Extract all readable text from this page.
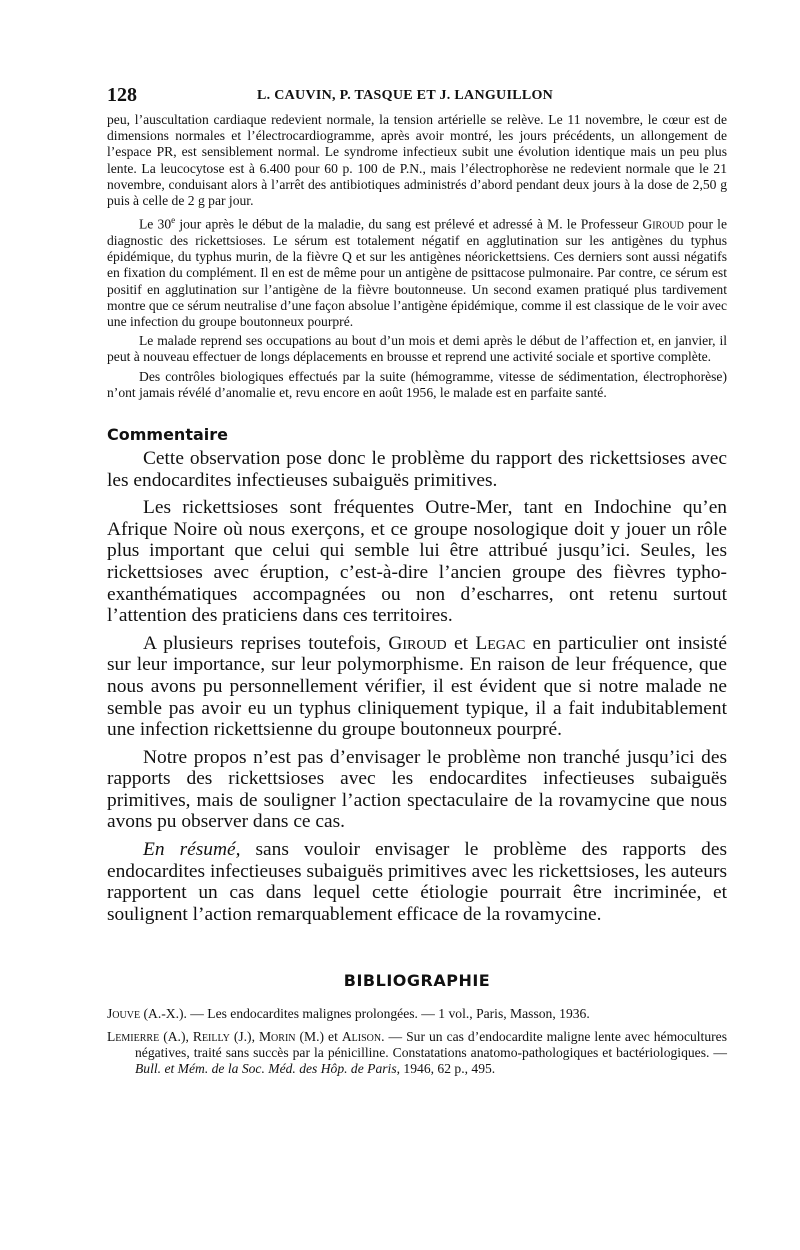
128	L. CAUVIN, P. TASQUE ET J. LANGUILLON

peu, l’auscultation cardiaque redevient normale, la tension artérielle se relève. Le 11 novembre, le cœur est de dimensions normales et l’électrocardiogramme, après avoir montré, les jours précédents, un allongement de l’espace PR, est sensiblement normal. Le syndrome infectieux subit une évolution identique mais un peu plus lente. La leucocytose est à 6.400 pour 60 p. 100 de P.N., mais l’électrophorèse ne redevient normale que le 21 novembre, conduisant alors à l’arrêt des antibiotiques administrés d’abord pendant deux jours à la dose de 2,50 g puis à celle de 2 g par jour.

Le 30e jour après le début de la maladie, du sang est prélevé et adressé à M. le Professeur Giroud pour le diagnostic des rickettsioses. Le sérum est totalement négatif en agglutination sur les antigènes du typhus épidémique, du typhus murin, de la fièvre Q et sur les antigènes néorickettsiens. Ces derniers sont aussi négatifs en fixation du complément. Il en est de même pour un antigène de psittacose pulmonaire. Par contre, ce sérum est positif en agglutination sur l’antigène de la fièvre boutonneuse. Un second examen pratiqué plus tardivement montre que ce sérum neutralise d’une façon absolue l’antigène épidémique, comme il est classique de le voir avec une infection du groupe boutonneux pourpré.

Le malade reprend ses occupations au bout d’un mois et demi après le début de l’affection et, en janvier, il peut à nouveau effectuer de longs déplacements en brousse et reprend une activité sociale et sportive complète.

Des contrôles biologiques effectués par la suite (hémogramme, vitesse de sédimentation, électrophorèse) n’ont jamais révélé d’anomalie et, revu encore en août 1956, le malade est en parfaite santé.

Commentaire

Cette observation pose donc le problème du rapport des rickettsioses avec les endocardites infectieuses subaiguës primitives.

Les rickettsioses sont fréquentes Outre-Mer, tant en Indochine qu’en Afrique Noire où nous exerçons, et ce groupe nosologique doit y jouer un rôle plus important que celui qui semble lui être attribué jusqu’ici. Seules, les rickettsioses avec éruption, c’est-à-dire l’ancien groupe des fièvres typho-exanthématiques accompagnées ou non d’escharres, ont retenu surtout l’attention des praticiens dans ces territoires.

A plusieurs reprises toutefois, Giroud et Legac en particulier ont insisté sur leur importance, sur leur polymorphisme. En raison de leur fréquence, que nous avons pu personnellement vérifier, il est évident que si notre malade ne semble pas avoir eu un typhus cliniquement typique, il a fait indubitablement une infection rickettsienne du groupe boutonneux pourpré.

Notre propos n’est pas d’envisager le problème non tranché jusqu’ici des rapports des rickettsioses avec les endocardites infectieuses subaiguës primitives, mais de souligner l’action spectaculaire de la rovamycine que nous avons pu observer dans ce cas.

En résumé, sans vouloir envisager le problème des rapports des endocardites infectieuses subaiguës primitives avec les rickettsioses, les auteurs rapportent un cas dans lequel cette étiologie pourrait être incriminée, et soulignent l’action remarquablement efficace de la rovamycine.

BIBLIOGRAPHIE

Jouve (A.-X.). — Les endocardites malignes prolongées. — 1 vol., Paris, Masson, 1936.

Lemierre (A.), Reilly (J.), Morin (M.) et Alison. — Sur un cas d’endocardite maligne lente avec hémocultures négatives, traité sans succès par la pénicilline. Constatations anatomo-pathologiques et bactériologiques. — Bull. et Mém. de la Soc. Méd. des Hôp. de Paris, 1946, 62 p., 495.
